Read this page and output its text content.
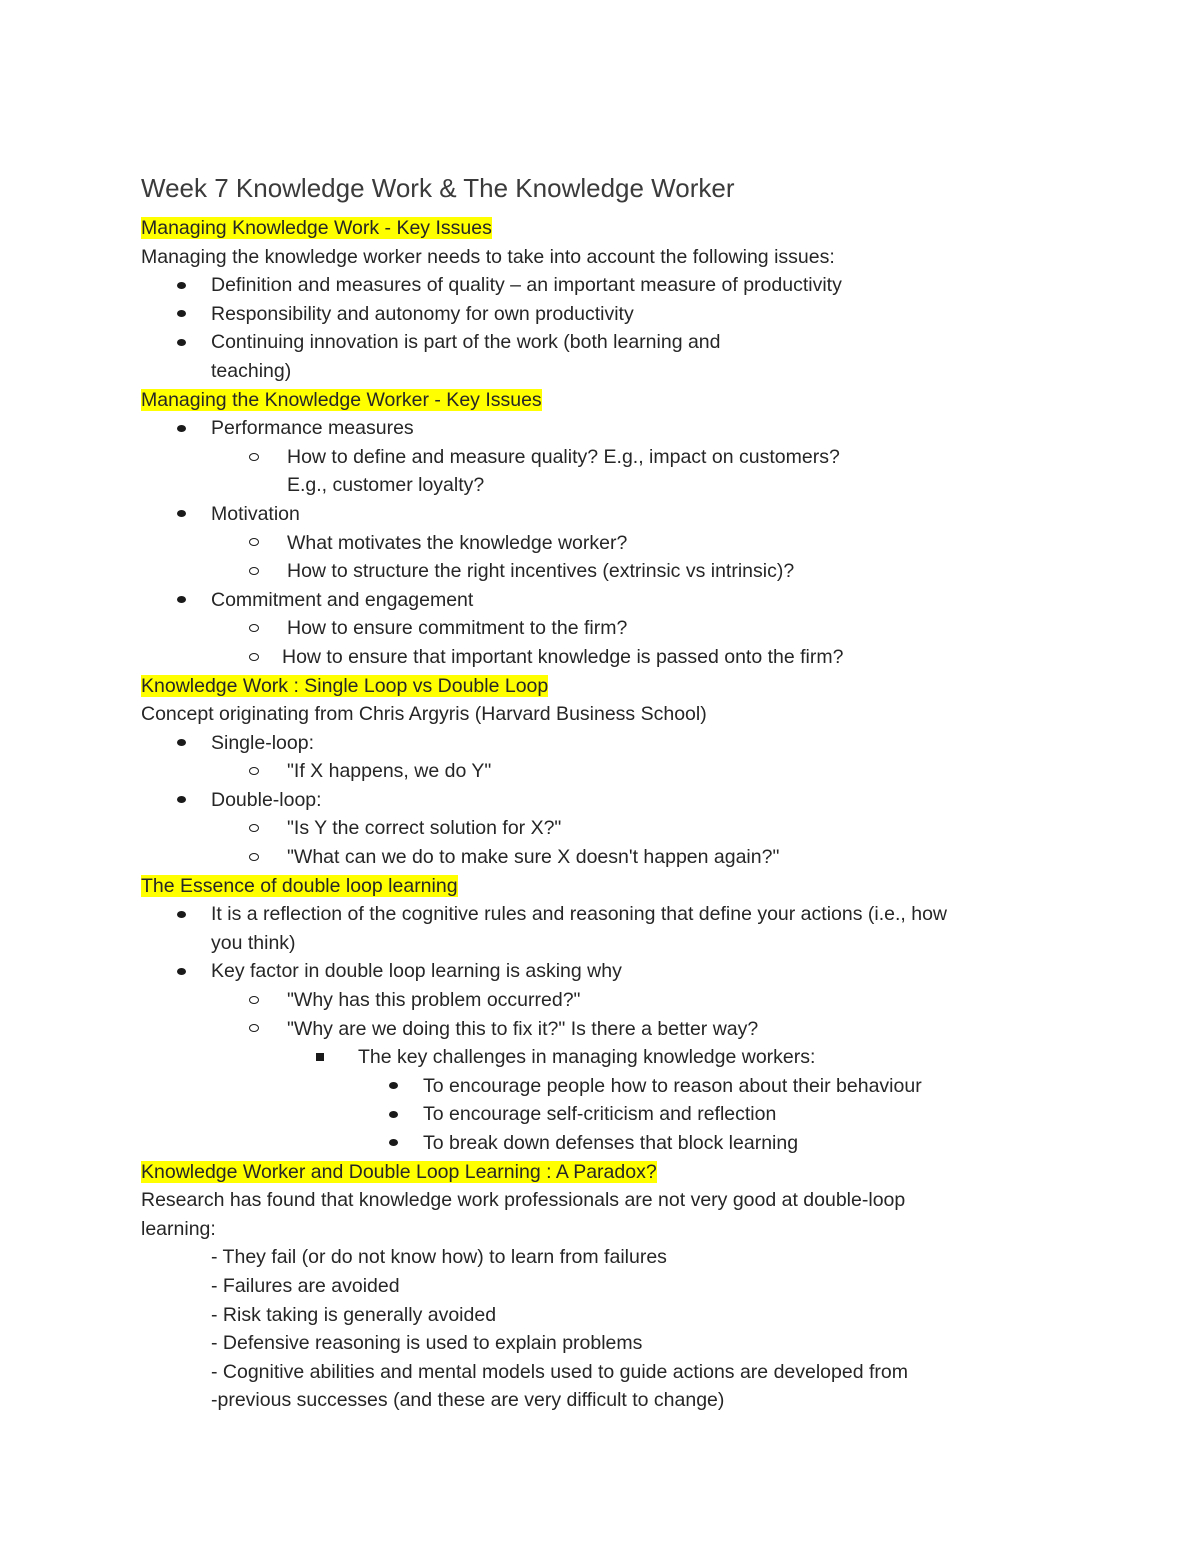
Week 7 Knowledge Work & The Knowledge Worker
Managing Knowledge Work - Key Issues
Managing the knowledge worker needs to take into account the following issues:
Definition and measures of quality – an important measure of productivity
Responsibility and autonomy for own productivity
Continuing innovation is part of the work (both learning and
teaching)
Managing the Knowledge Worker - Key Issues
Performance measures
How to define and measure quality? E.g., impact on customers?
E.g., customer loyalty?
Motivation
What motivates the knowledge worker?
How to structure the right incentives (extrinsic vs intrinsic)?
Commitment and engagement
How to ensure commitment to the firm?
How to ensure that important knowledge is passed onto the firm?
Knowledge Work : Single Loop vs Double Loop
Concept originating from Chris Argyris (Harvard Business School)
Single-loop:
"If X happens, we do Y"
Double-loop:
"Is Y the correct solution for X?"
"What can we do to make sure X doesn't happen again?"
The Essence of double loop learning
It is a reflection of the cognitive rules and reasoning that define your actions (i.e., how
you think)
Key factor in double loop learning is asking why
"Why has this problem occurred?"
"Why are we doing this to fix it?" Is there a better way?
The key challenges in managing knowledge workers:
To encourage people how to reason about their behaviour
To encourage self-criticism and reflection
To break down defenses that block learning
Knowledge Worker and Double Loop Learning : A Paradox?
Research has found that knowledge work professionals are not very good at double-loop
learning:
- They fail (or do not know how) to learn from failures
- Failures are avoided
- Risk taking is generally avoided
- Defensive reasoning is used to explain problems
- Cognitive abilities and mental models used to guide actions are developed from
-previous successes (and these are very difficult to change)
